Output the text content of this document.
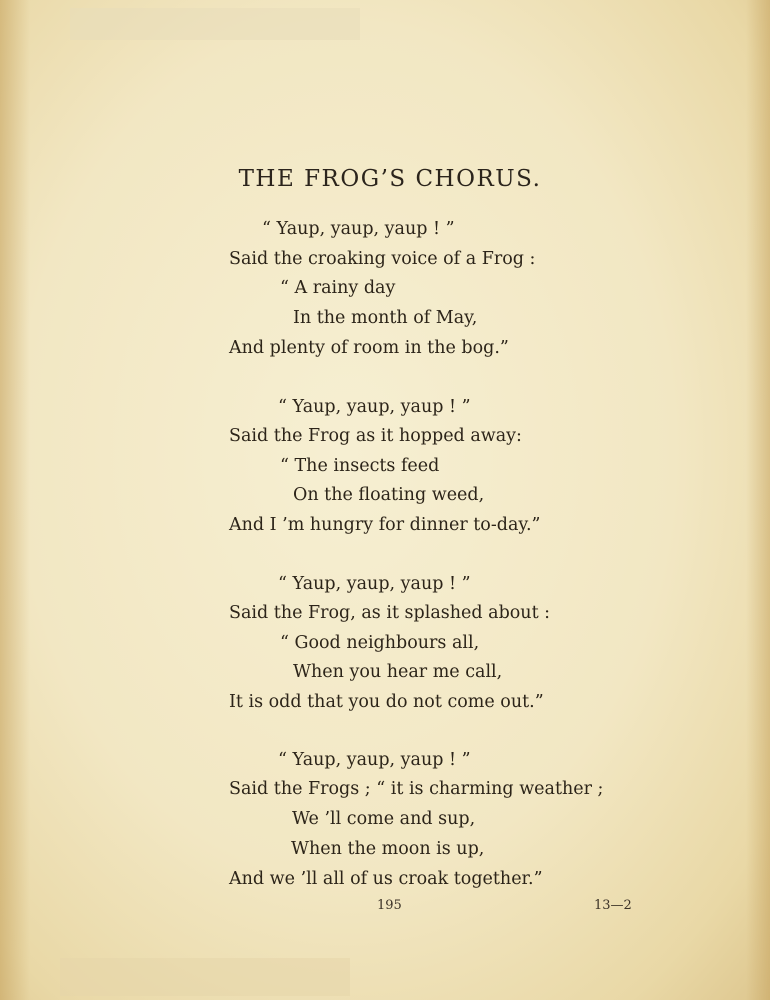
THE FROG’S CHORUS.

“ Yaup, yaup, yaup ! ”

Said the croaking voice of a Frog :

“ A rainy day

In the month of May,

And plenty of room in the bog.”

“ Yaup, yaup, yaup ! ”

Said the Frog as it hopped away:

“ The insects feed

On the floating weed,

And I ’m hungry for dinner to-day.”

“ Yaup, yaup, yaup ! ”

Said the Frog, as it splashed about :

“ Good neighbours all,

When you hear me call,

It is odd that you do not come out.”

“ Yaup, yaup, yaup ! ”

Said the Frogs ; “ it is charming weather ;

We ’ll come and sup,

When the moon is up,

And we ’ll all of us croak together.”

195	13—2
